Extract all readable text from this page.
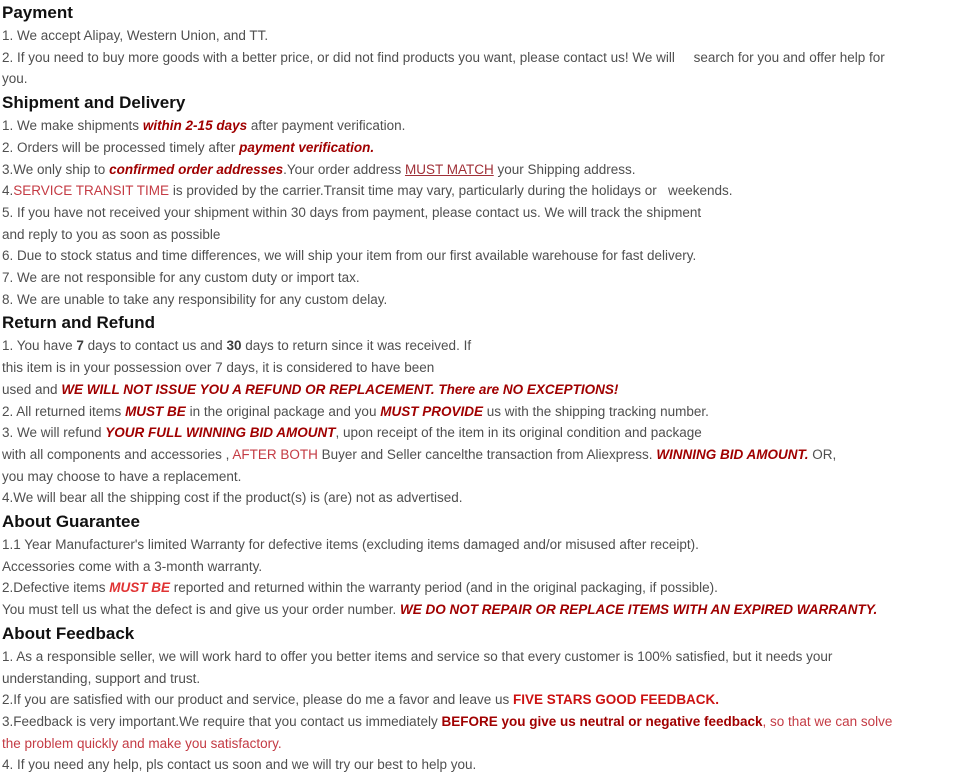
Payment
1. We accept Alipay, Western Union, and TT.
2. If you need to buy more goods with a better price, or did not find products you want, please contact us! We will     search for you and offer help for
you.
Shipment and Delivery
1. We make shipments within 2-15 days after payment verification.
2. Orders will be processed timely after payment verification.
3.We only ship to confirmed order addresses.Your order address MUST MATCH your Shipping address.
4.SERVICE TRANSIT TIME is provided by the carrier.Transit time may vary, particularly during the holidays or   weekends.
5. If you have not received your shipment within 30 days from payment, please contact us. We will track the shipment
and reply to you as soon as possible
6. Due to stock status and time differences, we will ship your item from our first available warehouse for fast delivery.
7. We are not responsible for any custom duty or import tax.
8. We are unable to take any responsibility for any custom delay.
Return and Refund
1. You have 7 days to contact us and 30 days to return since it was received. If
this item is in your possession over 7 days, it is considered to have been
used and WE WILL NOT ISSUE YOU A REFUND OR REPLACEMENT. There are NO EXCEPTIONS!
2. All returned items MUST BE in the original package and you MUST PROVIDE us with the shipping tracking number.
3. We will refund YOUR FULL WINNING BID AMOUNT, upon receipt of the item in its original condition and package
with all components and accessories , AFTER BOTH Buyer and Seller cancelthe transaction from Aliexpress. WINNING BID AMOUNT. OR,
you may choose to have a replacement.
4.We will bear all the shipping cost if the product(s) is (are) not as advertised.
About Guarantee
1.1 Year Manufacturer's limited Warranty for defective items (excluding items damaged and/or misused after receipt).
Accessories come with a 3-month warranty.
2.Defective items MUST BE reported and returned within the warranty period (and in the original packaging, if possible).
You must tell us what the defect is and give us your order number. WE DO NOT REPAIR OR REPLACE ITEMS WITH AN EXPIRED WARRANTY.
About Feedback
1. As a responsible seller, we will work hard to offer you better items and service so that every customer is 100% satisfied, but it needs your
understanding, support and trust.
2.If you are satisfied with our product and service, please do me a favor and leave us FIVE STARS GOOD FEEDBACK.
3.Feedback is very important.We require that you contact us immediately BEFORE you give us neutral or negative feedback, so that we can solve
the problem quickly and make you satisfactory.
4. If you need any help, pls contact us soon and we will try our best to help you.
